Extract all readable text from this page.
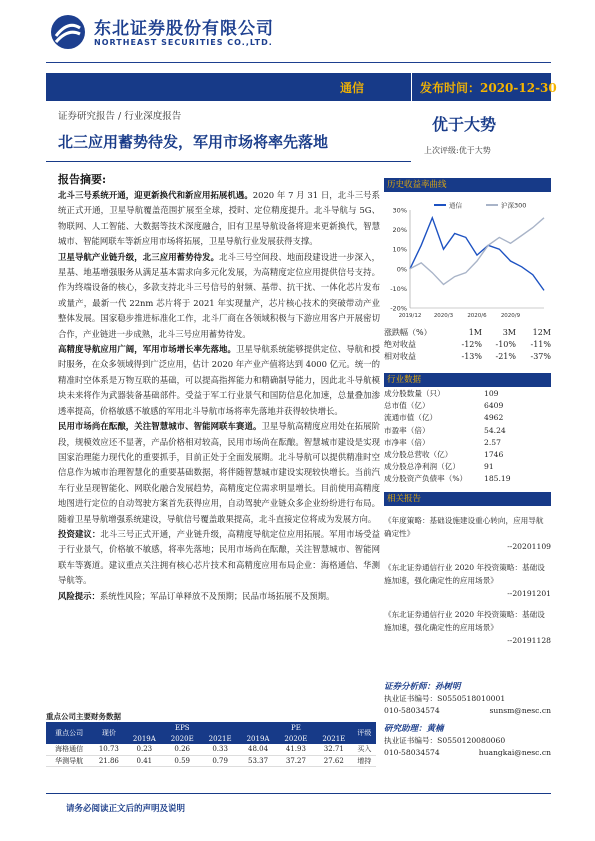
东北证券股份有限公司
NORTHEAST SECURITIES CO.,LTD.
通信	发布时间：2020-12-30
证券研究报告 / 行业深度报告	优于大势
北三应用蓄势待发，军用市场将率先落地	上次评级:优于大势
报告摘要:

北斗三号系统开通，迎更新换代和新应用拓展机遇。2020 年 7 月 31 日，北斗三号系统正式开通，卫星导航覆盖范围扩展至全球，授时、定位精度提升。北斗导航与 5G、物联网、人工智能、大数据等技术深度融合，旧有卫星导航设备将迎来更新换代，智慧城市、智能网联车等新应用市场将拓展，卫星导航行业发展获得支撑。

卫星导航产业链升级，北三应用蓄势待发。北斗三号空间段、地面段建设进一步深入，星基、地基增强服务从满足基本需求向多元化发展，为高精度定位应用提供信号支持。作为终端设备的核心，多款支持北斗三号信号的射频、基带、抗干扰、一体化芯片发布或量产，最新一代 22nm 芯片将于 2021 年实现量产，芯片核心技术的突破带动产业整体发展。国家稳步推进标准化工作，北斗厂商在各领域积极与下游应用客户开展密切合作，产业链进一步成熟，北斗三号应用蓄势待发。

高精度导航应用广阔，军用市场增长率先落地。卫星导航系统能够提供定位、导航和授时服务，在众多领域得到广泛应用，估计 2020 年产业产值将达到 4000 亿元。统一的精准时空体系是万物互联的基础，可以提高指挥能力和精确制导能力，因此北斗导航模块未来将作为武器装备基础部件。受益于军工行业景气和国防信息化加速，总量叠加渗透率提高，价格敏感不敏感的军用北斗导航市场将率先落地并获得较快增长。

民用市场尚在酝酿，关注智慧城市、智能网联车赛道。卫星导航高精度应用处在拓展阶段，规模效应还不显著，产品价格相对较高，民用市场尚在酝酿。智慧城市建设是实现国家治理能力现代化的重要抓手，目前正处于全面发展期。北斗导航可以提供精准时空信息作为城市治理智慧化的重要基础数据，将伴随智慧城市建设实现较快增长。当前汽车行业呈现智能化、网联化融合发展趋势，高精度定位需求明显增长。目前使用高精度地图进行定位的自动驾驶方案首先获得应用，自动驾驶产业链众多企业纷纷进行布局。随着卫星导航增强系统建设，导航信号覆盖敢果提高，北斗直接定位将成为发展方向。

投资建议：北斗三号正式开通，产业链升级，高精度导航定位应用拓展。军用市场受益于行业景气，价格敏不敏感，将率先落地；民用市场尚在酝酿，关注智慧城市、智能网联车等赛道。建议重点关注拥有核心芯片技术和高精度应用布局企业：海格通信、华测导航等。

风险提示：系统性风险；军品订单释放不及预期；民品市场拓展不及预期。

历史收益率曲线
30%
20%
10%
0%
-10%
-20%
2019/12 2020/3	2020/6	2020/9
通信	沪深300
涨跌幅（%）	1M	3M	12M
绝对收益	-12%	-10%	-11%
相对收益	-13%	-21%	-37%
行业数据
成分股数量（只）	109
总市值（亿）	6409
流通市值（亿）	4962
市盈率（倍）	54.24
市净率（倍）	2.57
成分股总营收（亿）	1746
成分股总净利润（亿）	91
成分股资产负债率（%）	185.19
相关报告

《年度策略：基础设施建设重心转向，应用导航确定性》

--20201109

《东北证券通信行业 2020 年投资策略：基础设施加速，强化确定性的应用场景》

--20191201

《东北证券通信行业 2020 年投资策略：基础设施加速，强化确定性的应用场景》

--20191128

证券分析师：孙树明
执业证书编号：S0550518010001
010-58034574	sunsm@nesc.cn
研究助理：黄楠
执业证书编号：S0550120080060
010-58034574	huangkai@nesc.cn
重点公司主要财务数据
重点公司	现价	EPS			PE			评级
		2019A	2020E	2021E	2019A	2020E	2021E	
海格通信	10.73	0.23	0.26	0.33	48.04	41.93	32.71	买入
华测导航	21.86	0.41	0.59	0.79	53.37	37.27	27.62	增持
请务必阅读正文后的声明及说明
